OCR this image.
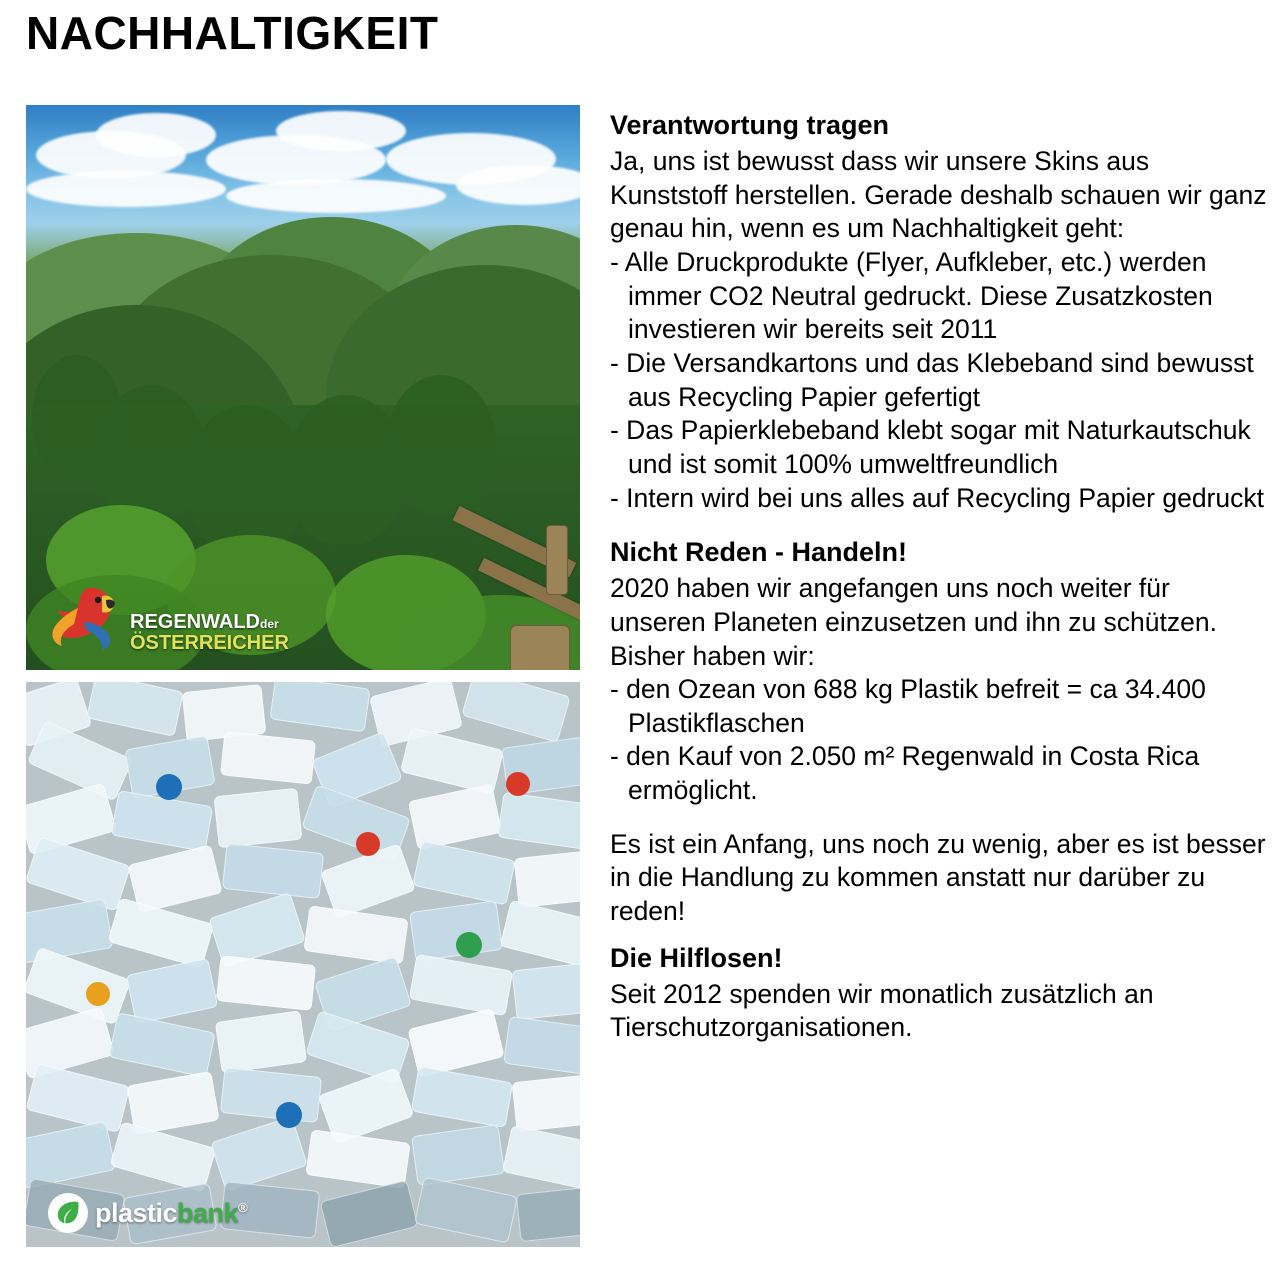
NACHHALTIGKEIT
REGENWALDder
ÖSTERREICHER
plasticbank®
Verantwortung tragen

Ja, uns ist bewusst dass wir unsere Skins aus Kunststoff herstellen. Gerade deshalb schauen wir ganz genau hin, wenn es um Nachhaltigkeit geht:

- Alle Druckprodukte (Flyer, Aufkleber, etc.) werden immer CO2 Neutral gedruckt. Diese Zusatzkosten investieren wir bereits seit 2011
- Die Versandkartons und das Klebeband sind bewusst aus Recycling Papier gefertigt
- Das Papierklebeband klebt sogar mit Naturkautschuk und ist somit 100% umweltfreundlich
- Intern wird bei uns alles auf Recycling Papier gedruckt
Nicht Reden - Handeln!

2020 haben wir angefangen uns noch weiter für unseren Planeten einzusetzen und ihn zu schützen.

Bisher haben wir:

- den Ozean von 688 kg Plastik befreit = ca 34.400 Plastikflaschen
- den Kauf von 2.050 m² Regenwald in Costa Rica ermöglicht.

Es ist ein Anfang, uns noch zu wenig, aber es ist besser in die Handlung zu kommen anstatt nur darüber zu reden!

Die Hilflosen!

Seit 2012 spenden wir monatlich zusätzlich an Tierschutzorganisationen.
